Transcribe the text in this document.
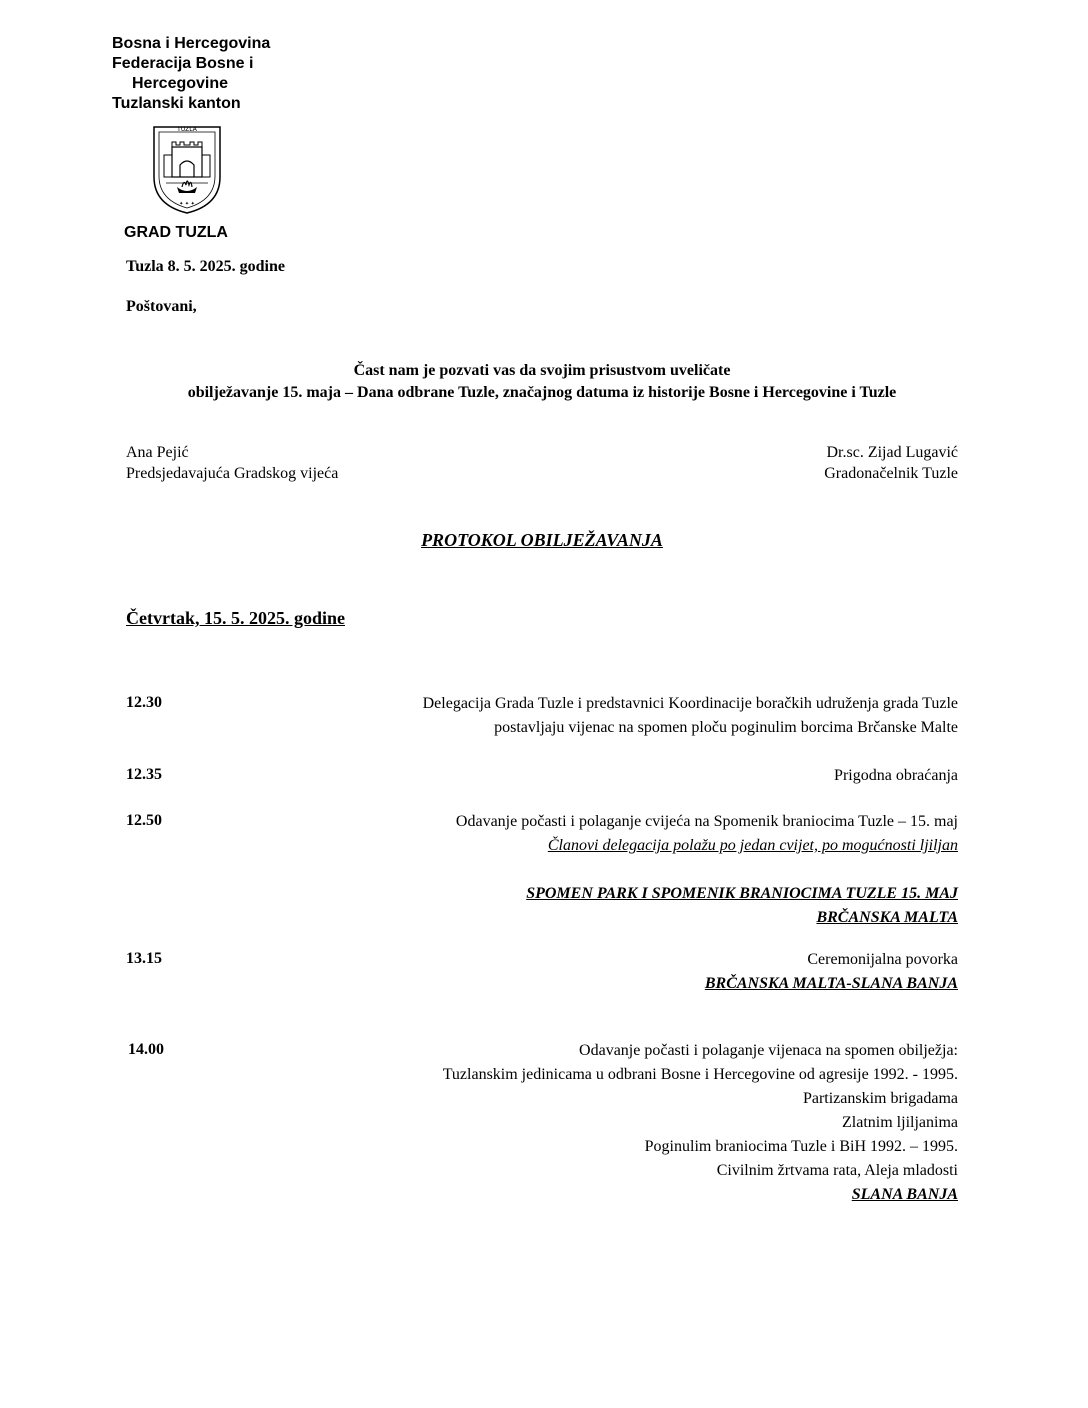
Bosna i Hercegovina
Federacija Bosne i
Hercegovine
Tuzlanski kanton
TUZLA
✦ ✦ ✦
GRAD TUZLA
Tuzla 8. 5. 2025. godine
Poštovani,
Čast nam je pozvati vas da svojim prisustvom uveličate
obilježavanje 15. maja – Dana odbrane Tuzle, značajnog datuma iz historije Bosne i Hercegovine i Tuzle
Ana Pejić
Predsjedavajuća Gradskog vijeća
Dr.sc. Zijad Lugavić
Gradonačelnik Tuzle
PROTOKOL OBILJEŽAVANJA
Četvrtak, 15. 5. 2025. godine
12.30	Delegacija Grada Tuzle i predstavnici Koordinacije boračkih udruženja grada Tuzle
postavljaju vijenac na spomen ploču poginulim borcima Brčanske Malte
12.35	Prigodna obraćanja
12.50	Odavanje počasti i polaganje cvijeća na Spomenik braniocima Tuzle – 15. maj
Članovi delegacija polažu po jedan cvijet, po mogućnosti ljiljan
SPOMEN PARK I SPOMENIK BRANIOCIMA TUZLE 15. MAJ
BRČANSKA MALTA
13.15	Ceremonijalna povorka
BRČANSKA MALTA-SLANA BANJA
14.00	Odavanje počasti i polaganje vijenaca na spomen obilježja:
Tuzlanskim jedinicama u odbrani Bosne i Hercegovine od agresije 1992. - 1995.
Partizanskim brigadama
Zlatnim ljiljanima
Poginulim braniocima Tuzle i BiH 1992. – 1995.
Civilnim žrtvama rata, Aleja mladosti
SLANA BANJA
